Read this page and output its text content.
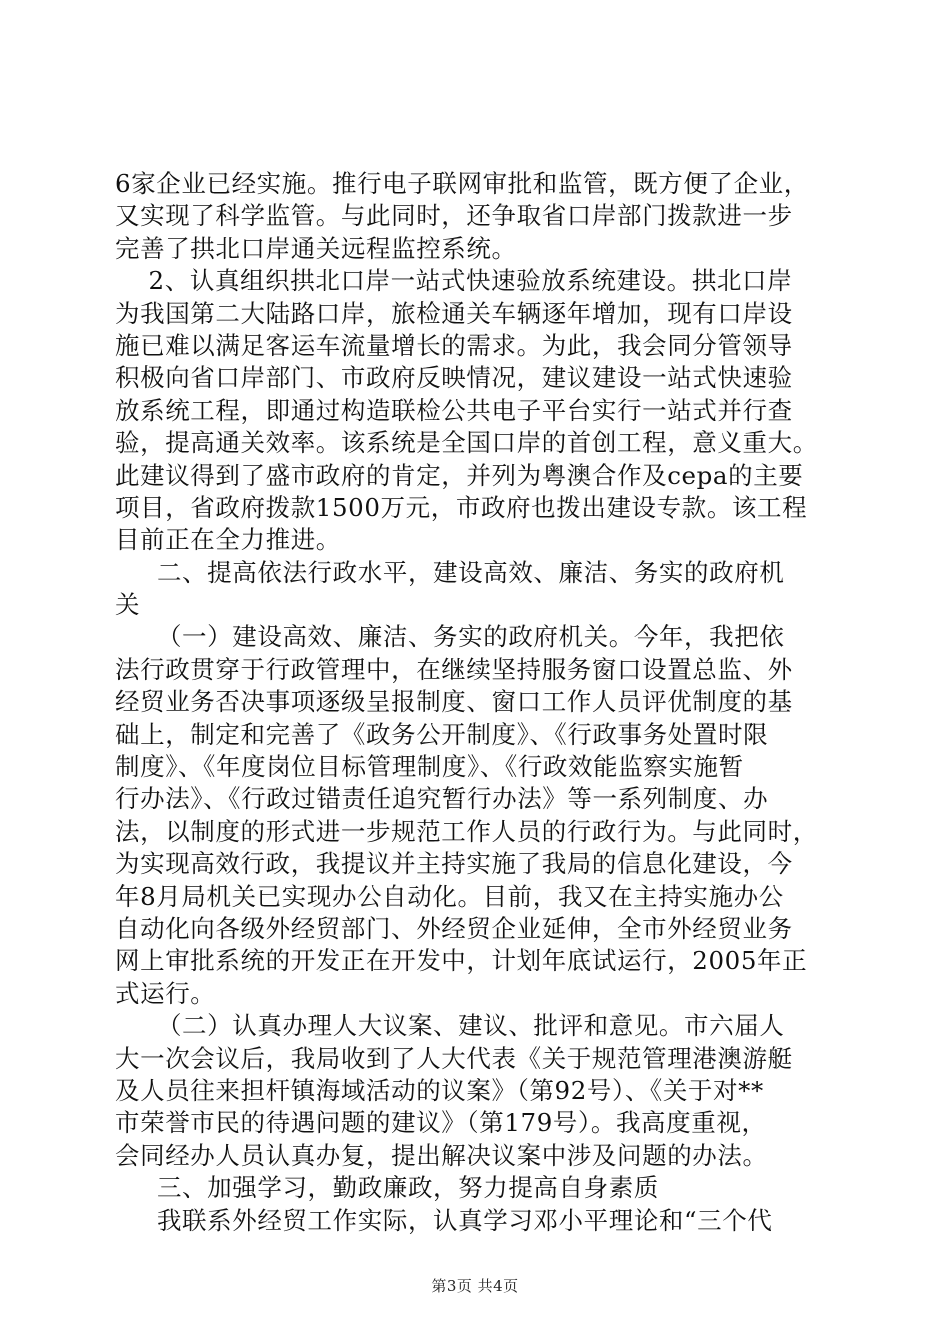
6家企业已经实施。推行电子联网审批和监管，既方便了企业，
又实现了科学监管。与此同时，还争取省口岸部门拨款进一步
完善了拱北口岸通关远程监控系统。
2、认真组织拱北口岸一站式快速验放系统建设。拱北口岸
为我国第二大陆路口岸，旅检通关车辆逐年增加，现有口岸设
施已难以满足客运车流量增长的需求。为此，我会同分管领导
积极向省口岸部门、市政府反映情况，建议建设一站式快速验
放系统工程，即通过构造联检公共电子平台实行一站式并行查
验，提高通关效率。该系统是全国口岸的首创工程，意义重大。
此建议得到了盛市政府的肯定，并列为粤澳合作及cepa的主要
项目，省政府拨款1500万元，市政府也拨出建设专款。该工程
目前正在全力推进。
二、提高依法行政水平，建设高效、廉洁、务实的政府机
关
（一）建设高效、廉洁、务实的政府机关。今年，我把依
法行政贯穿于行政管理中，在继续坚持服务窗口设置总监、外
经贸业务否决事项逐级呈报制度、窗口工作人员评优制度的基
础上，制定和完善了《政务公开制度》、《行政事务处置时限
制度》、《年度岗位目标管理制度》、《行政效能监察实施暂
行办法》、《行政过错责任追究暂行办法》等一系列制度、办
法，以制度的形式进一步规范工作人员的行政行为。与此同时，
为实现高效行政，我提议并主持实施了我局的信息化建设，今
年8月局机关已实现办公自动化。目前，我又在主持实施办公
自动化向各级外经贸部门、外经贸企业延伸，全市外经贸业务
网上审批系统的开发正在开发中，计划年底试运行，2005年正
式运行。
（二）认真办理人大议案、建议、批评和意见。市六届人
大一次会议后，我局收到了人大代表《关于规范管理港澳游艇
及人员往来担杆镇海域活动的议案》（第92号）、《关于对**
市荣誉市民的待遇问题的建议》（第179号）。我高度重视，
会同经办人员认真办复，提出解决议案中涉及问题的办法。
三、加强学习，勤政廉政，努力提高自身素质
我联系外经贸工作实际，认真学习邓小平理论和“三个代
第3页 共4页
